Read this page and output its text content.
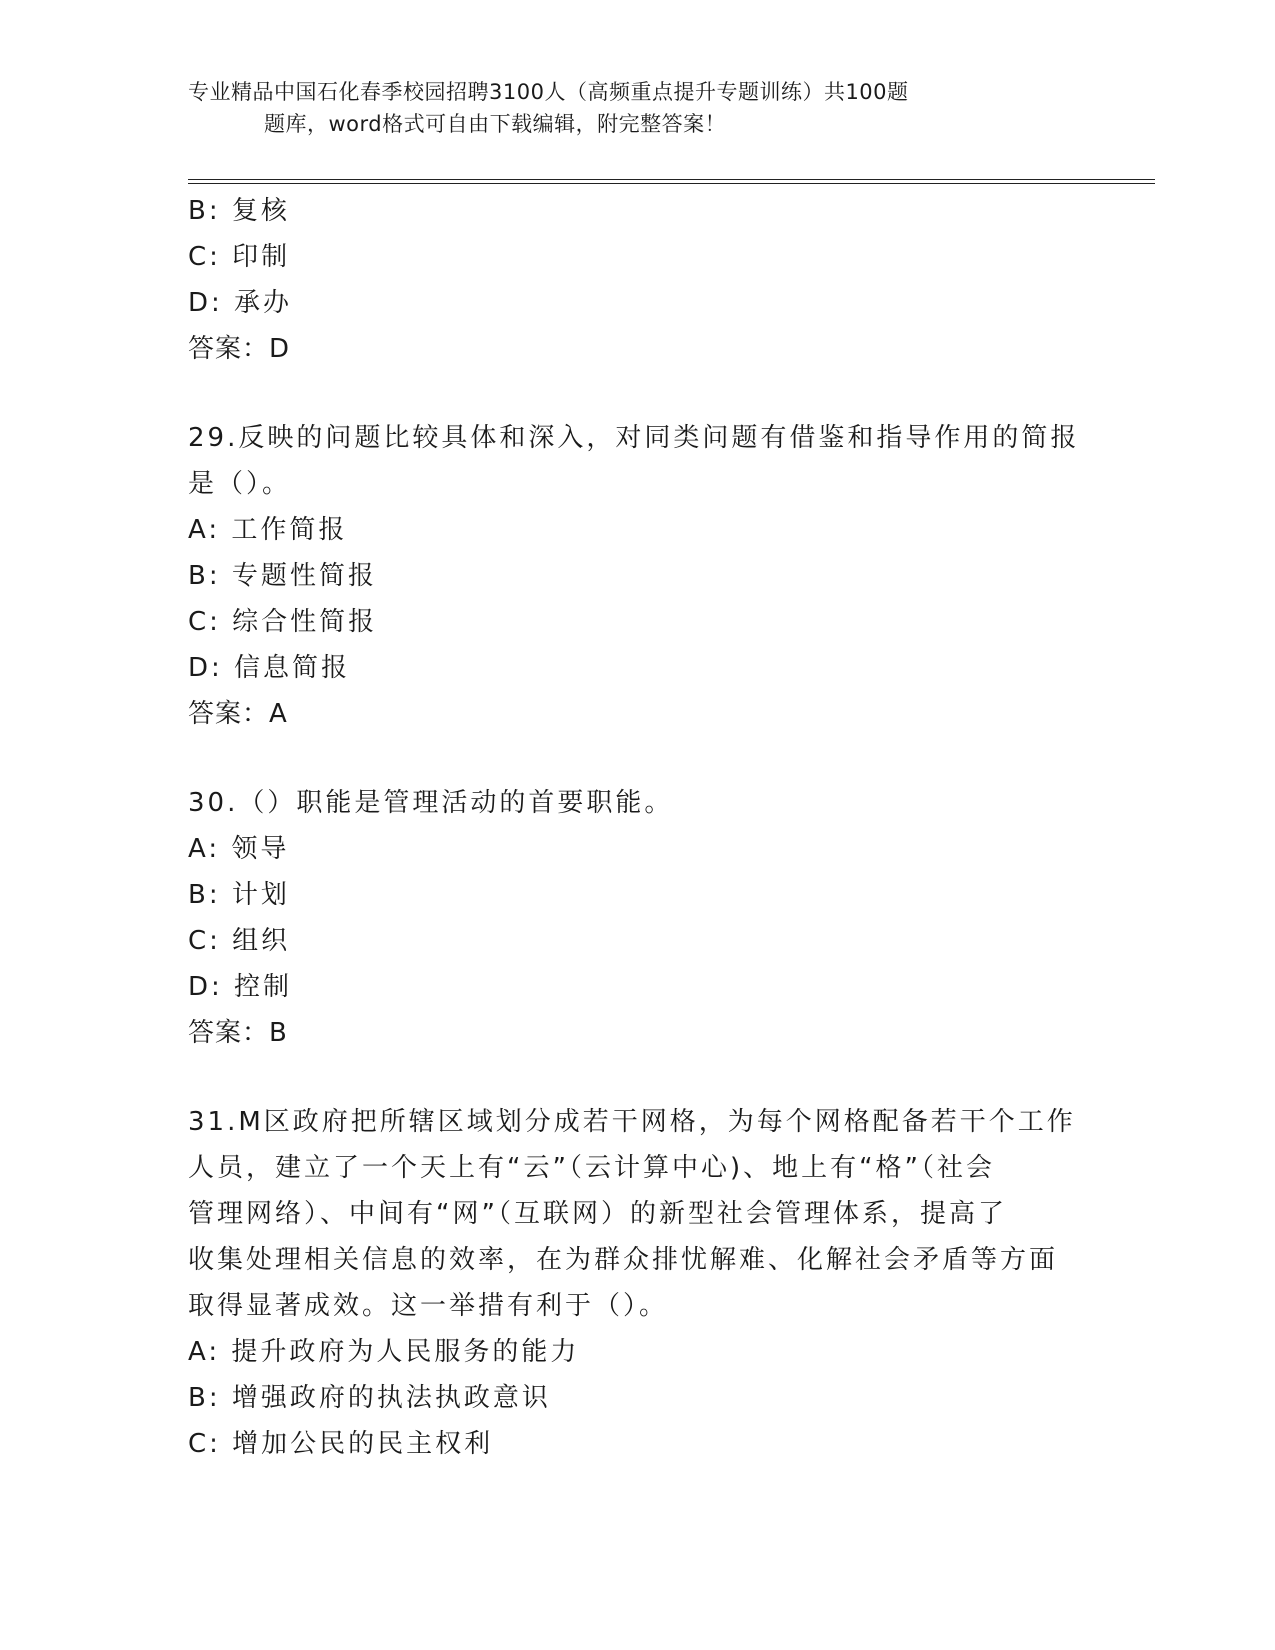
专业精品中国石化春季校园招聘3100人（高频重点提升专题训练）共100题
题库，word格式可自由下载编辑，附完整答案！
B: 复核
C: 印制
D: 承办
答案：D
29.反映的问题比较具体和深入，对同类问题有借鉴和指导作用的简报
是（）。
A: 工作简报
B: 专题性简报
C: 综合性简报
D: 信息简报
答案：A
30.（）职能是管理活动的首要职能。
A: 领导
B: 计划
C: 组织
D: 控制
答案：B
31.M区政府把所辖区域划分成若干网格，为每个网格配备若干个工作
人员，建立了一个天上有“云”（云计算中心)、地上有“格”（社会
管理网络）、中间有“网”（互联网）的新型社会管理体系，提高了
收集处理相关信息的效率，在为群众排忧解难、化解社会矛盾等方面
取得显著成效。这一举措有利于（）。
A: 提升政府为人民服务的能力
B: 增强政府的执法执政意识
C: 增加公民的民主权利
